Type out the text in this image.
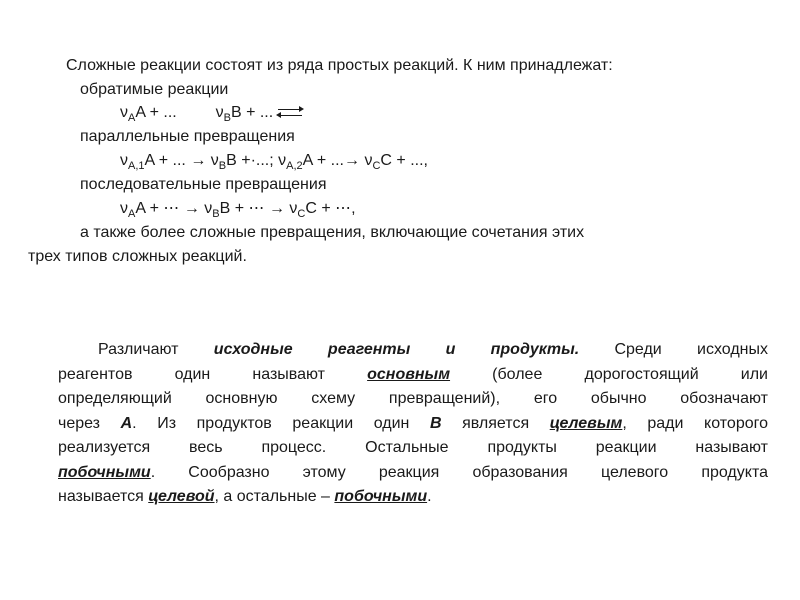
Сложные реакции состоят из ряда простых реакций. К ним принадлежат:
обратимые реакции
$\nu_AA$ + ... $\nu_BB$ + ... ⇌
параллельные превращения
$\nu_{A,1}A$ + ... → $\nu_BB$ +·...; $\nu_{A,2}A$ + ...→ $\nu_CC$ + ...,
последовательные превращения
$\nu_AA$ + ⋯ → $\nu_BB$ + ⋯ → $\nu_CC$ + ⋯,
а также более сложные превращения, включающие сочетания этих
трех типов сложных реакций.
Различают исходные реагенты и продукты. Среди исходных
реагентов один называют основным (более дорогостоящий или
определяющий основную схему превращений), его обычно обозначают
через A. Из продуктов реакции один B является целевым, ради которого
реализуется весь процесс. Остальные продукты реакции называют
побочными. Сообразно этому реакция образования целевого продукта
называется целевой, а остальные – побочными.
